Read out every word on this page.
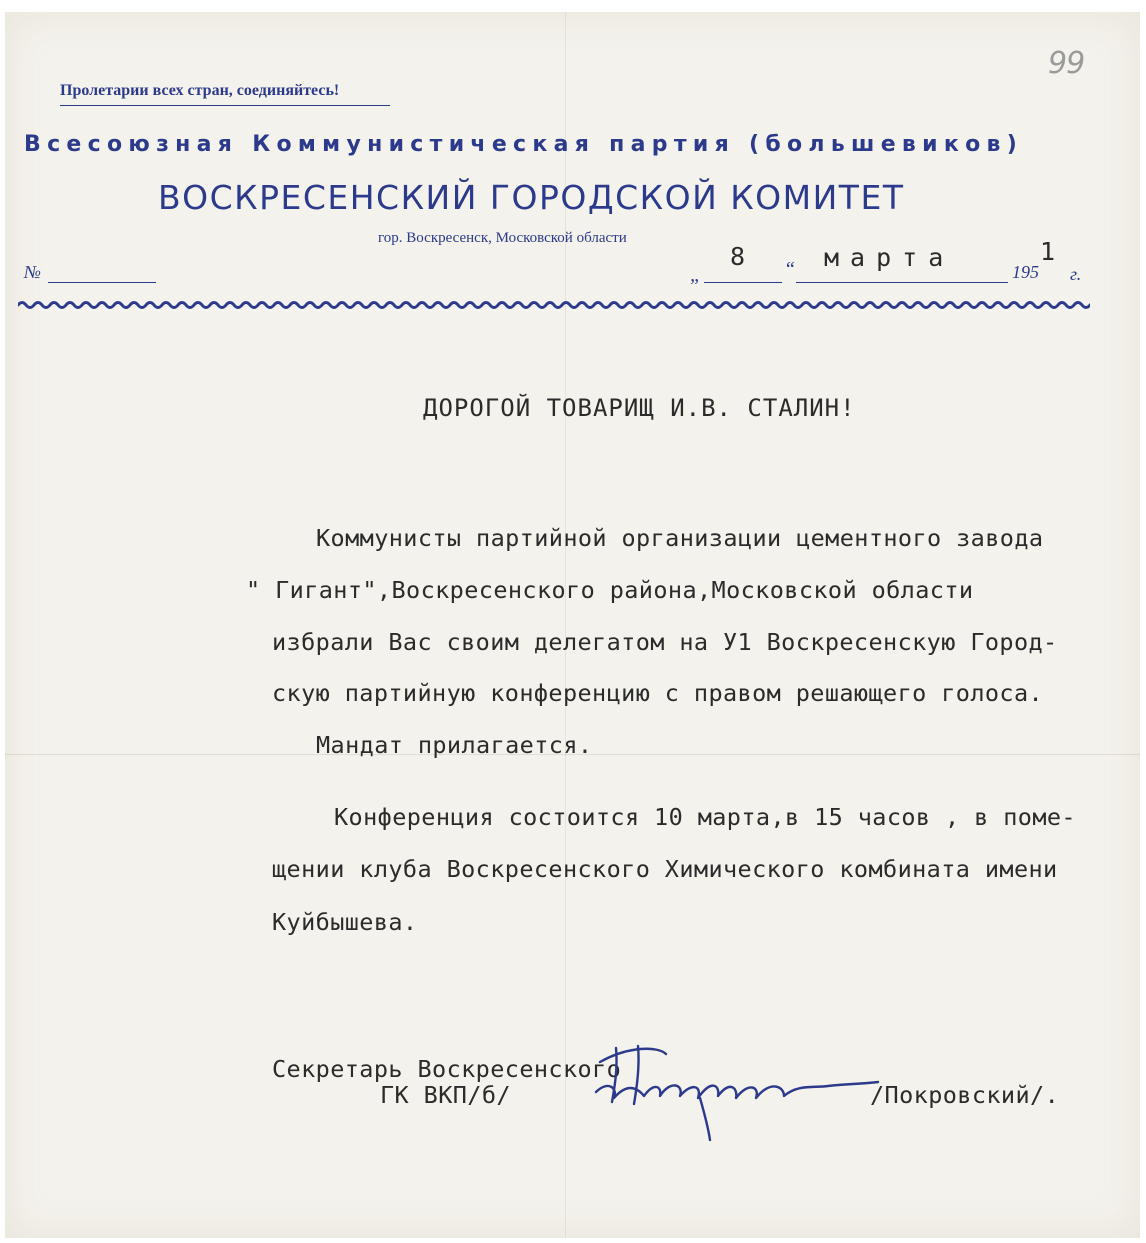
99
Пролетарии всех стран, соединяйтесь!
Всесоюзная Коммунистическая партия (большевиков)
ВОСКРЕСЕНСКИЙ ГОРОДСКОЙ КОМИТЕТ
гор. Воскресенск, Московской области
№	„	“	195 г.
8	марта	1
ДОРОГОЙ ТОВАРИЩ И.В. СТАЛИН!
Коммунисты партийной организации цементного завода
" Гигант",Воскресенского района,Московской области
избрали Вас своим делегатом на У1 Воскресенскую Город-
скую партийную конференцию с правом решающего голоса.
Мандат прилагается.
Конференция состоится 10 марта,в 15 часов , в поме-
щении клуба Воскресенского Химического комбината имени
Куйбышева.
Секретарь Воскресенского
ГК ВКП/б/	/Покровский/.
